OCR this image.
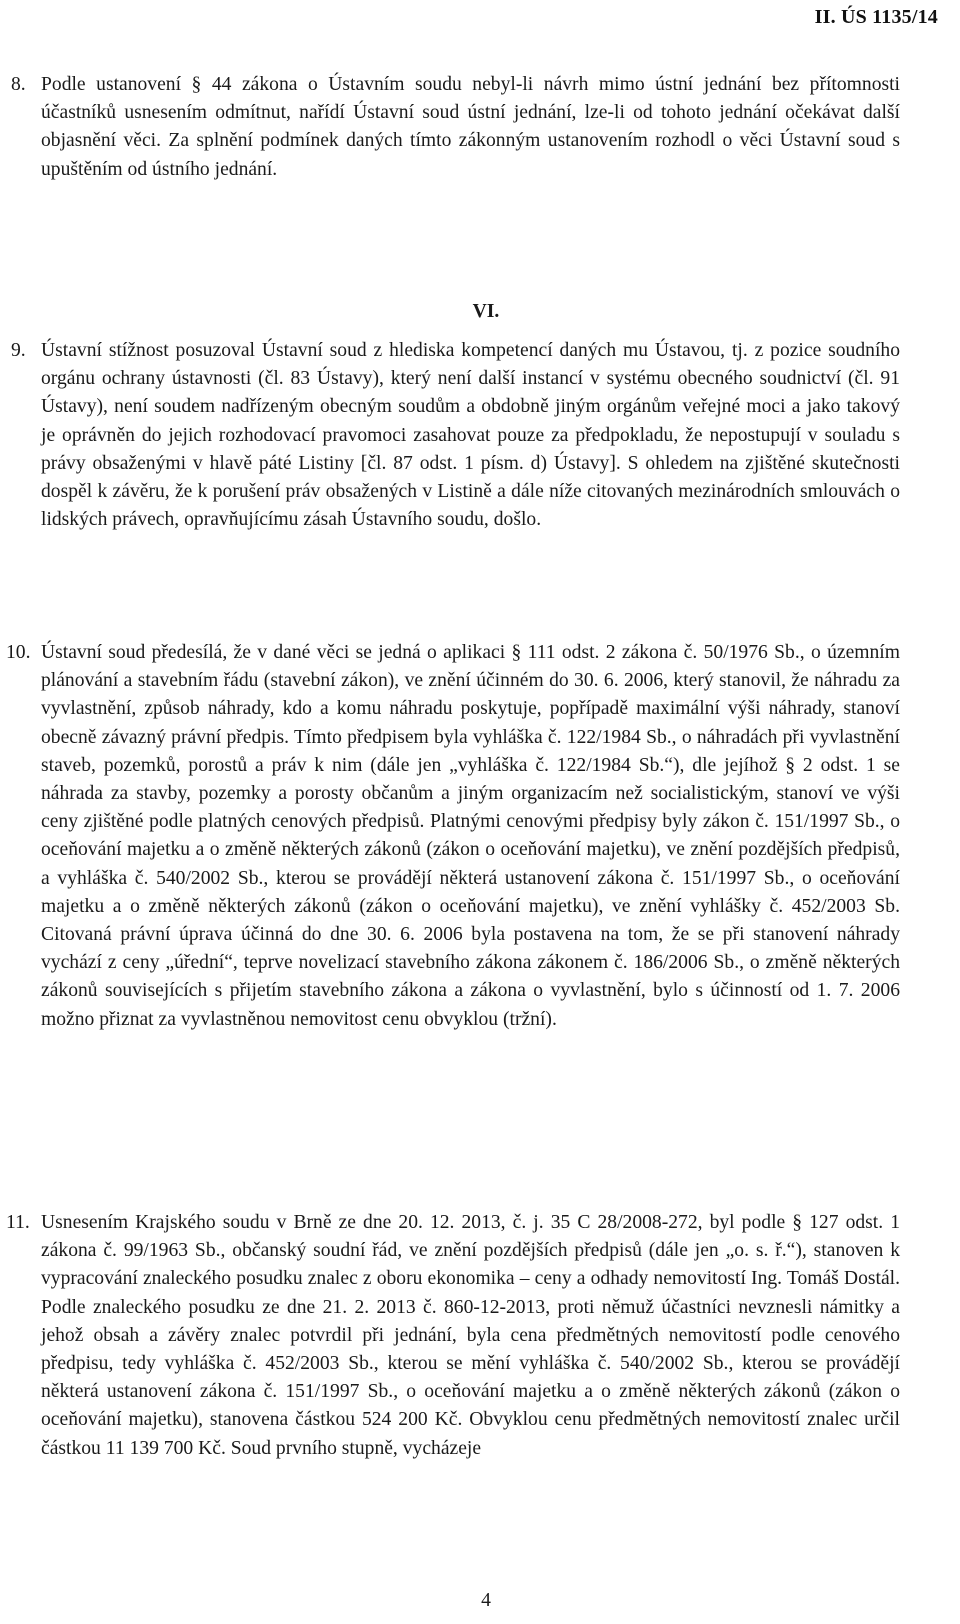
II. ÚS 1135/14
8. Podle ustanovení § 44 zákona o Ústavním soudu nebyl-li návrh mimo ústní jednání bez přítomnosti účastníků usnesením odmítnut, nařídí Ústavní soud ústní jednání, lze-li od tohoto jednání očekávat další objasnění věci. Za splnění podmínek daných tímto zákonným ustanovením rozhodl o věci Ústavní soud s upuštěním od ústního jednání.
VI.
9. Ústavní stížnost posuzoval Ústavní soud z hlediska kompetencí daných mu Ústavou, tj. z pozice soudního orgánu ochrany ústavnosti (čl. 83 Ústavy), který není další instancí v systému obecného soudnictví (čl. 91 Ústavy), není soudem nadřízeným obecným soudům a obdobně jiným orgánům veřejné moci a jako takový je oprávněn do jejich rozhodovací pravomoci zasahovat pouze za předpokladu, že nepostupují v souladu s právy obsaženými v hlavě páté Listiny [čl. 87 odst. 1 písm. d) Ústavy]. S ohledem na zjištěné skutečnosti dospěl k závěru, že k porušení práv obsažených v Listině a dále níže citovaných mezinárodních smlouvách o lidských právech, opravňujícímu zásah Ústavního soudu, došlo.
10. Ústavní soud předesílá, že v dané věci se jedná o aplikaci § 111 odst. 2 zákona č. 50/1976 Sb., o územním plánování a stavebním řádu (stavební zákon), ve znění účinném do 30. 6. 2006, který stanovil, že náhradu za vyvlastnění, způsob náhrady, kdo a komu náhradu poskytuje, popřípadě maximální výši náhrady, stanoví obecně závazný právní předpis. Tímto předpisem byla vyhláška č. 122/1984 Sb., o náhradách při vyvlastnění staveb, pozemků, porostů a práv k nim (dále jen „vyhláška č. 122/1984 Sb.“), dle jejíhož § 2 odst. 1 se náhrada za stavby, pozemky a porosty občanům a jiným organizacím než socialistickým, stanoví ve výši ceny zjištěné podle platných cenových předpisů. Platnými cenovými předpisy byly zákon č. 151/1997 Sb., o oceňování majetku a o změně některých zákonů (zákon o oceňování majetku), ve znění pozdějších předpisů, a vyhláška č. 540/2002 Sb., kterou se provádějí některá ustanovení zákona č. 151/1997 Sb., o oceňování majetku a o změně některých zákonů (zákon o oceňování majetku), ve znění vyhlášky č. 452/2003 Sb. Citovaná právní úprava účinná do dne 30. 6. 2006 byla postavena na tom, že se při stanovení náhrady vychází z ceny „úřední“, teprve novelizací stavebního zákona zákonem č. 186/2006 Sb., o změně některých zákonů souvisejících s přijetím stavebního zákona a zákona o vyvlastnění, bylo s účinností od 1. 7. 2006 možno přiznat za vyvlastněnou nemovitost cenu obvyklou (tržní).
11. Usnesením Krajského soudu v Brně ze dne 20. 12. 2013, č. j. 35 C 28/2008-272, byl podle § 127 odst. 1 zákona č. 99/1963 Sb., občanský soudní řád, ve znění pozdějších předpisů (dále jen „o. s. ř.“), stanoven k vypracování znaleckého posudku znalec z oboru ekonomika – ceny a odhady nemovitostí Ing. Tomáš Dostál. Podle znaleckého posudku ze dne 21. 2. 2013 č. 860-12-2013, proti němuž účastníci nevznesli námitky a jehož obsah a závěry znalec potvrdil při jednání, byla cena předmětných nemovitostí podle cenového předpisu, tedy vyhláška č. 452/2003 Sb., kterou se mění vyhláška č. 540/2002 Sb., kterou se provádějí některá ustanovení zákona č. 151/1997 Sb., o oceňování majetku a o změně některých zákonů (zákon o oceňování majetku), stanovena částkou 524 200 Kč. Obvyklou cenu předmětných nemovitostí znalec určil částkou 11 139 700 Kč. Soud prvního stupně, vycházeje
4
